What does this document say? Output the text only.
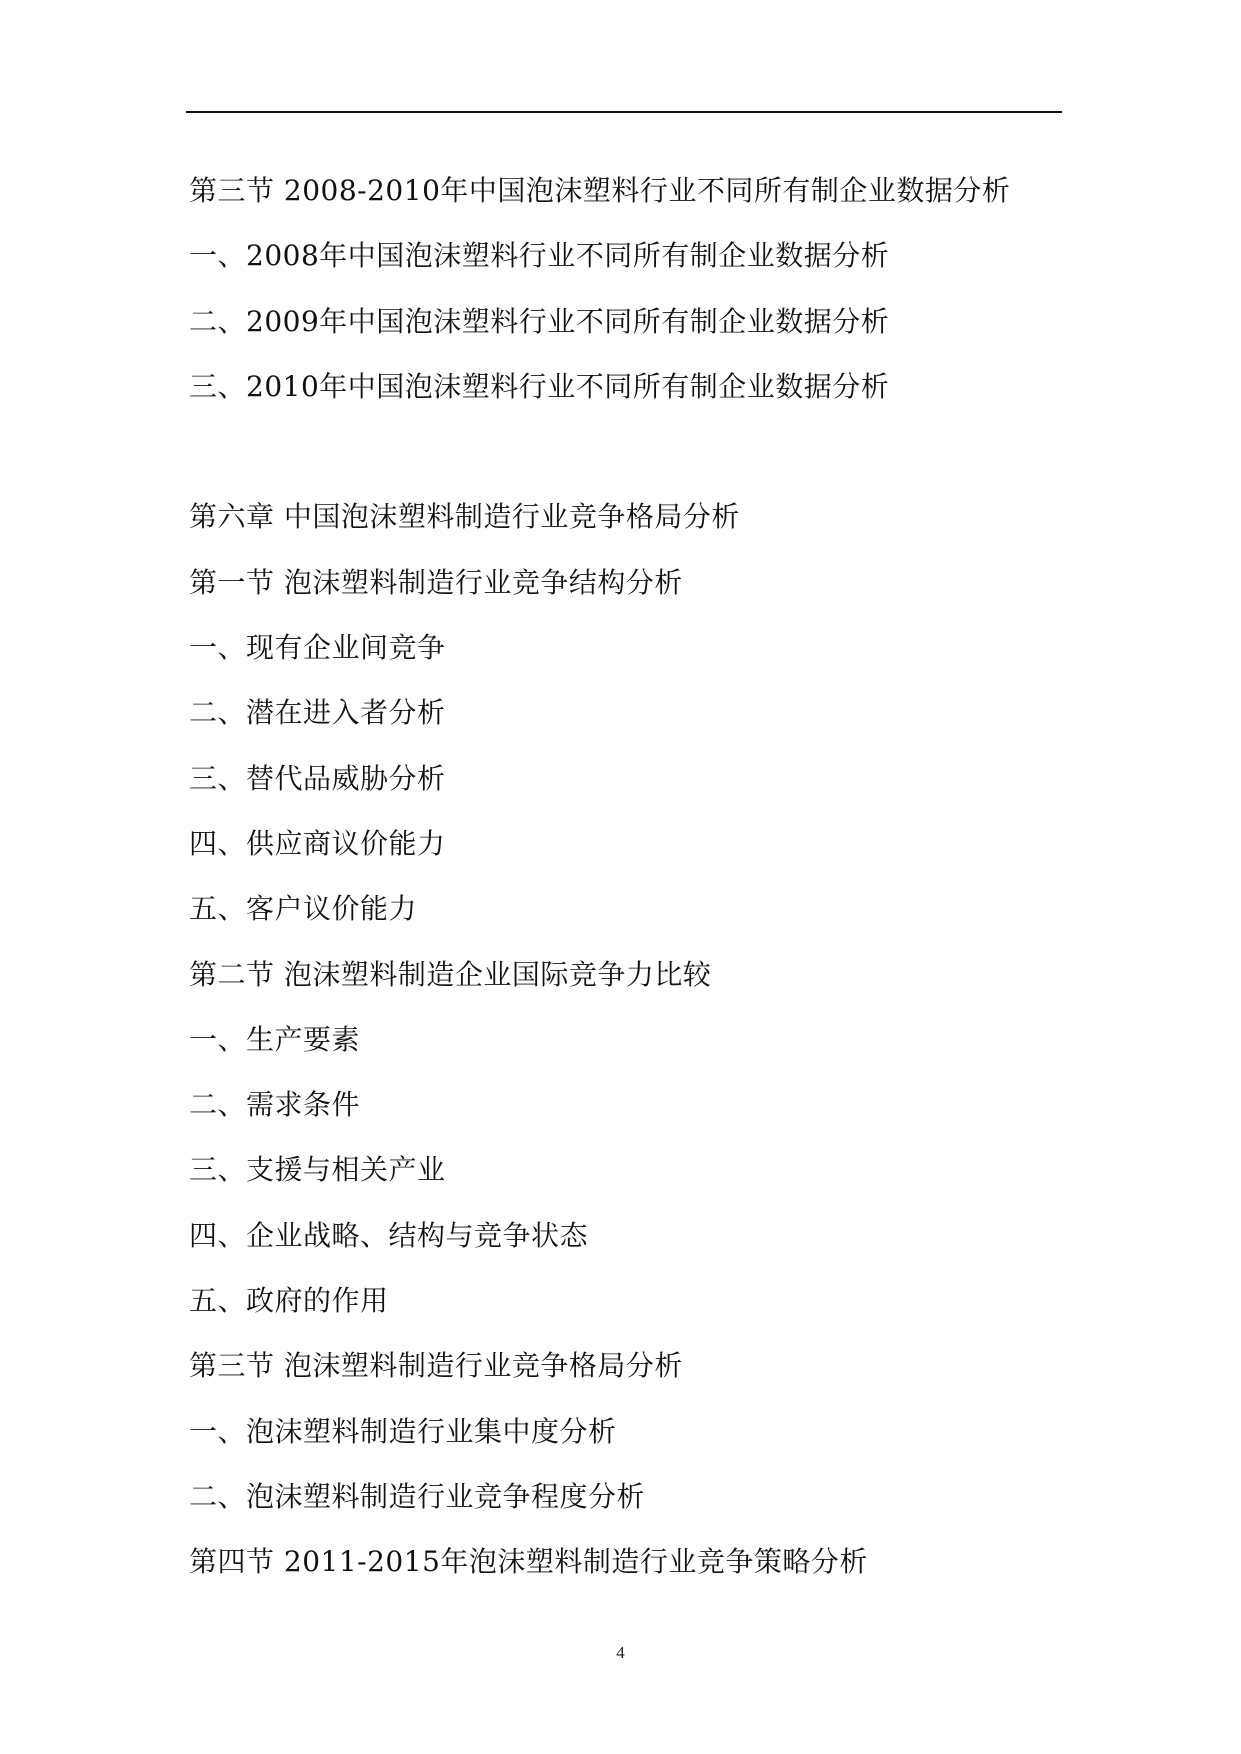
第三节 2008-2010年中国泡沫塑料行业不同所有制企业数据分析
一、2008年中国泡沫塑料行业不同所有制企业数据分析
二、2009年中国泡沫塑料行业不同所有制企业数据分析
三、2010年中国泡沫塑料行业不同所有制企业数据分析
第六章 中国泡沫塑料制造行业竞争格局分析
第一节 泡沫塑料制造行业竞争结构分析
一、现有企业间竞争
二、潜在进入者分析
三、替代品威胁分析
四、供应商议价能力
五、客户议价能力
第二节 泡沫塑料制造企业国际竞争力比较
一、生产要素
二、需求条件
三、支援与相关产业
四、企业战略、结构与竞争状态
五、政府的作用
第三节 泡沫塑料制造行业竞争格局分析
一、泡沫塑料制造行业集中度分析
二、泡沫塑料制造行业竞争程度分析
第四节 2011-2015年泡沫塑料制造行业竞争策略分析
4
